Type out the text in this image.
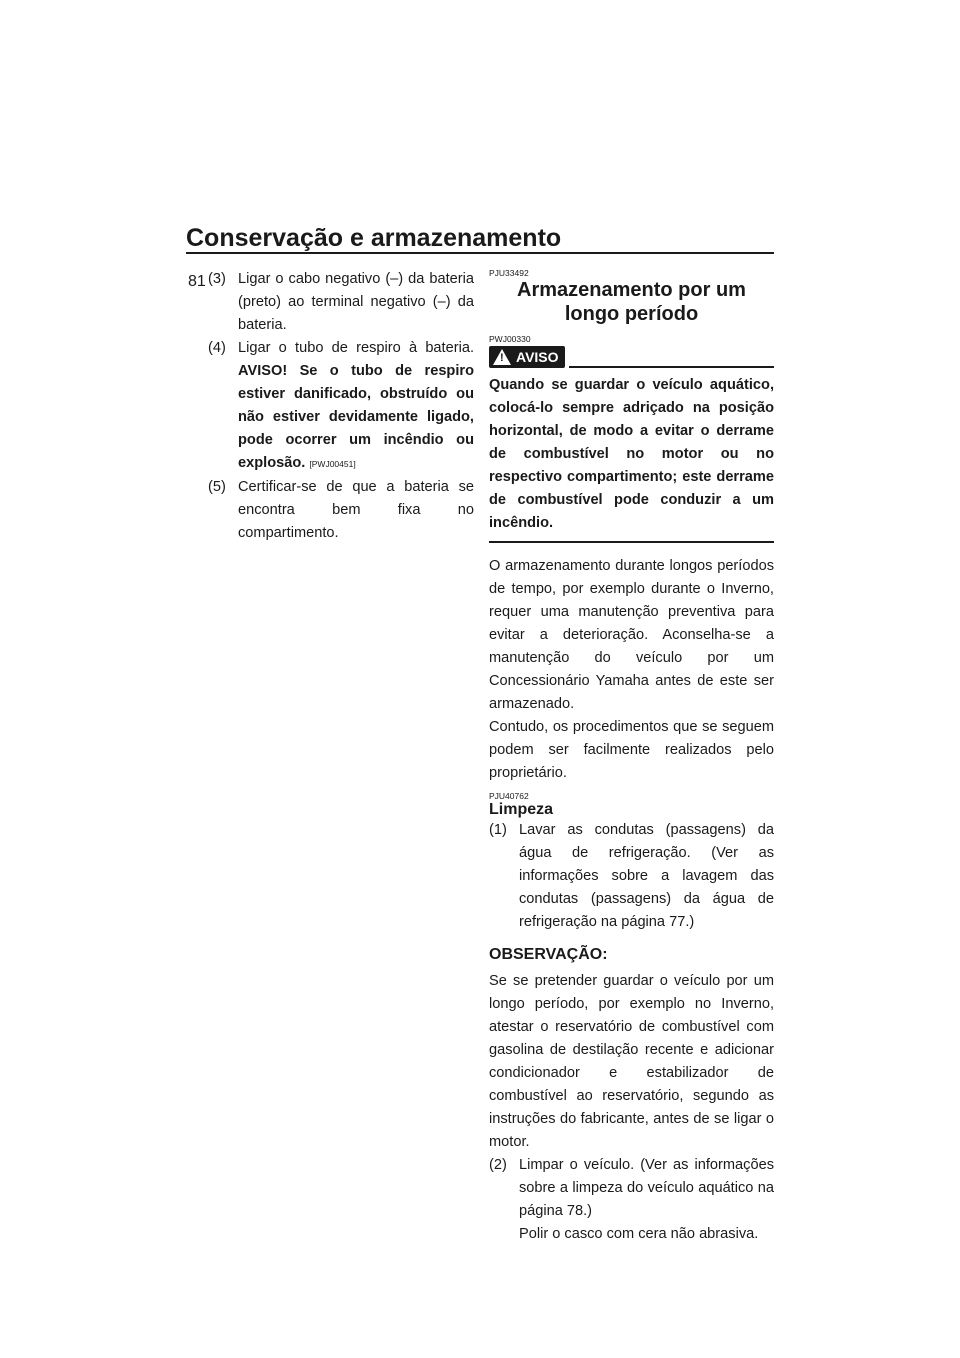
Conservação e armazenamento
81 (3) Ligar o cabo negativo (–) da bateria (preto) ao terminal negativo (–) da bateria.

(4) Ligar o tubo de respiro à bateria. AVISO! Se o tubo de respiro estiver danificado, obstruído ou não estiver devidamente ligado, pode ocorrer um incêndio ou explosão. [PWJ00451]

(5) Certificar-se de que a bateria se encontra bem fixa no compartimento.

PJU33492
Armazenamento por um longo período
PWJ00330
! AVISO

Quando se guardar o veículo aquático, colocá-lo sempre adriçado na posição horizontal, de modo a evitar o derrame de combustível no motor ou no respectivo compartimento; este derrame de combustível pode conduzir a um incêndio.

O armazenamento durante longos períodos de tempo, por exemplo durante o Inverno, requer uma manutenção preventiva para evitar a deterioração. Aconselha-se a manutenção do veículo por um Concessionário Yamaha antes de este ser armazenado.

Contudo, os procedimentos que se seguem podem ser facilmente realizados pelo proprietário.

PJU40762
Limpeza

(1) Lavar as condutas (passagens) da água de refrigeração. (Ver as informações sobre a lavagem das condutas (passagens) da água de refrigeração na página 77.)

OBSERVAÇÃO:

Se se pretender guardar o veículo por um longo período, por exemplo no Inverno, atestar o reservatório de combustível com gasolina de destilação recente e adicionar condicionador e estabilizador de combustível ao reservatório, segundo as instruções do fabricante, antes de se ligar o motor.

(2) Limpar o veículo. (Ver as informações sobre a limpeza do veículo aquático na página 78.)
Polir o casco com cera não abrasiva.
